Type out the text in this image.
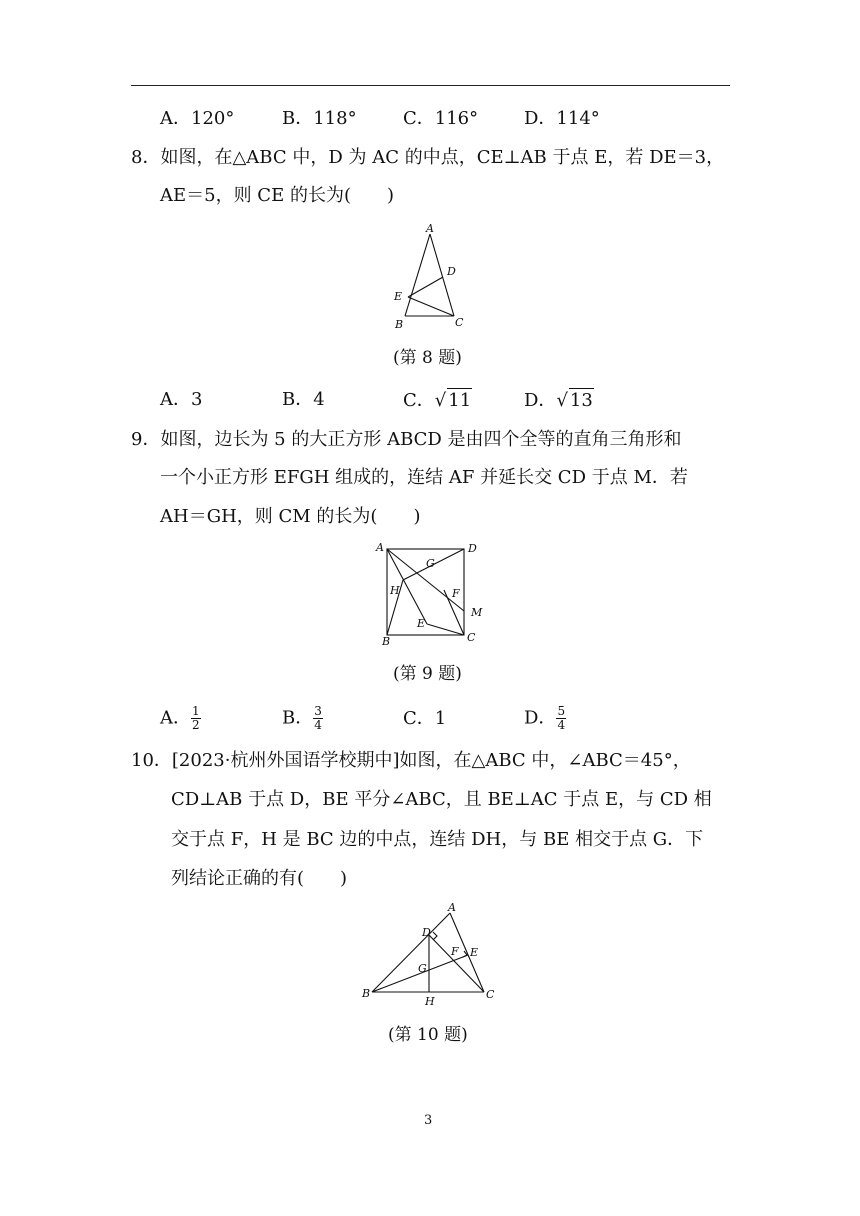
A．120°	B．118°	C．116°	D．114°
8．如图，在△ABC 中，D 为 AC 的中点，CE⊥AB 于点 E，若 DE＝3，
AE＝5，则 CE 的长为(　　)
A
D
E
B	C
(第 8 题)
A．3	B．4	C．√ 11	D．√ 13
9．如图，边长为 5 的大正方形 ABCD 是由四个全等的直角三角形和
一个小正方形 EFGH 组成的，连结 AF 并延长交 CD 于点 M．若
AH＝GH，则 CM 的长为(　　)
A	D
G
H	F
M
E
B	C
(第 9 题)
A． $\frac{1}{2}$	B． $\frac{3}{4}$	C．1	D． $\frac{5}{4}$
10．[2023·杭州外国语学校期中]如图，在△ABC 中，∠ABC＝45°，
CD⊥AB 于点 D，BE 平分∠ABC，且 BE⊥AC 于点 E，与 CD 相
交于点 F，H 是 BC 边的中点，连结 DH，与 BE 相交于点 G．下
列结论正确的有(　　)
A
D
F E
G
B	C
H
(第 10 题)
3
